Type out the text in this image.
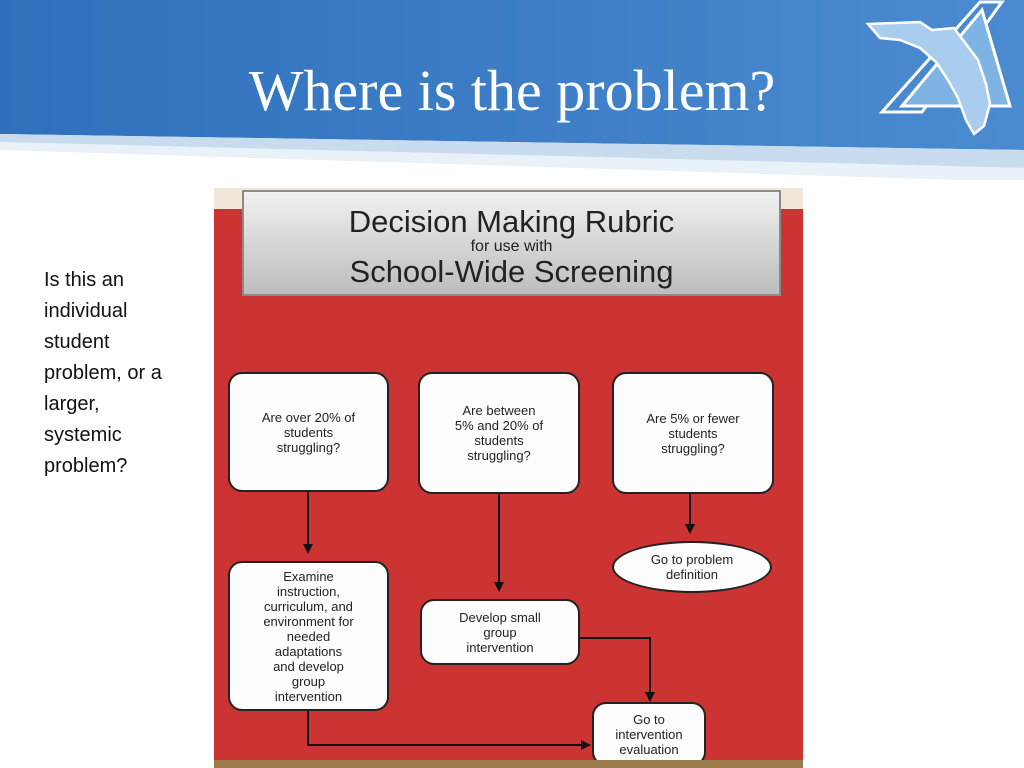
Where is the problem?
Is this an individual student problem, or a larger, systemic problem?
Decision Making Rubric
for use with
School-Wide Screening
Are over 20% of
students
struggling?
Are between
5% and 20% of
students
struggling?
Are 5% or fewer
students
struggling?
Examine
instruction,
curriculum, and
environment for
needed
adaptations
and develop
group
intervention
Develop small
group
intervention
Go to problem
definition
Go to
intervention
evaluation
